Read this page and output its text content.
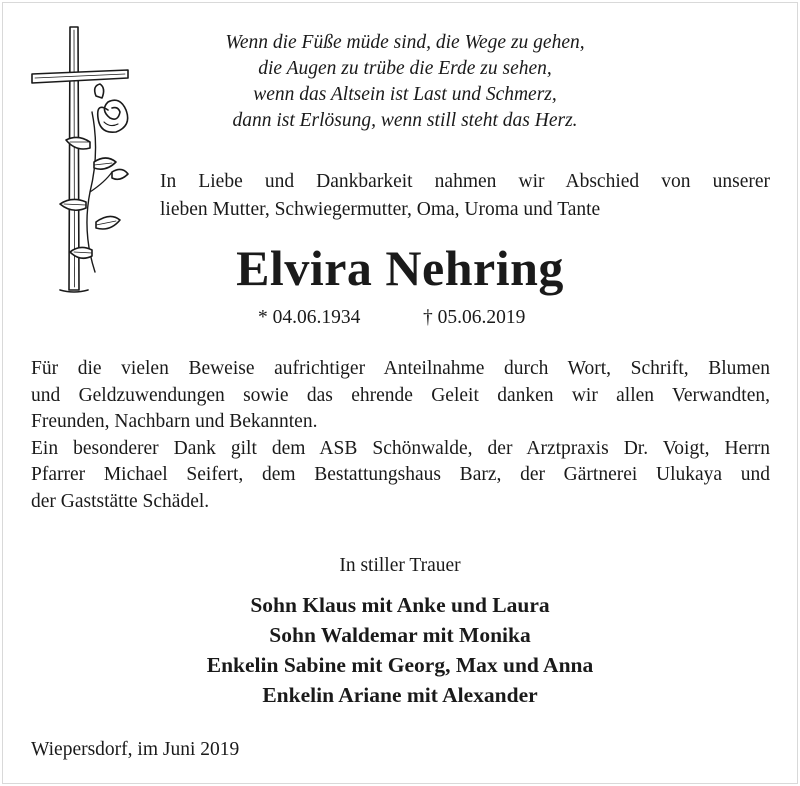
Wenn die Füße müde sind, die Wege zu gehen,
die Augen zu trübe die Erde zu sehen,
wenn das Altsein ist Last und Schmerz,
dann ist Erlösung, wenn still steht das Herz.
In Liebe und Dankbarkeit nahmen wir Abschied von unserer
lieben Mutter, Schwiegermutter, Oma, Uroma und Tante
Elvira Nehring
* 04.06.1934	† 05.06.2019
Für die vielen Beweise aufrichtiger Anteilnahme durch Wort, Schrift, Blumen
und Geldzuwendungen sowie das ehrende Geleit danken wir allen Verwandten,
Freunden, Nachbarn und Bekannten.
Ein besonderer Dank gilt dem ASB Schönwalde, der Arztpraxis Dr. Voigt, Herrn
Pfarrer Michael Seifert, dem Bestattungshaus Barz, der Gärtnerei Ulukaya und
der Gaststätte Schädel.
In stiller Trauer
Sohn Klaus mit Anke und Laura
Sohn Waldemar mit Monika
Enkelin Sabine mit Georg, Max und Anna
Enkelin Ariane mit Alexander
Wiepersdorf, im Juni 2019
